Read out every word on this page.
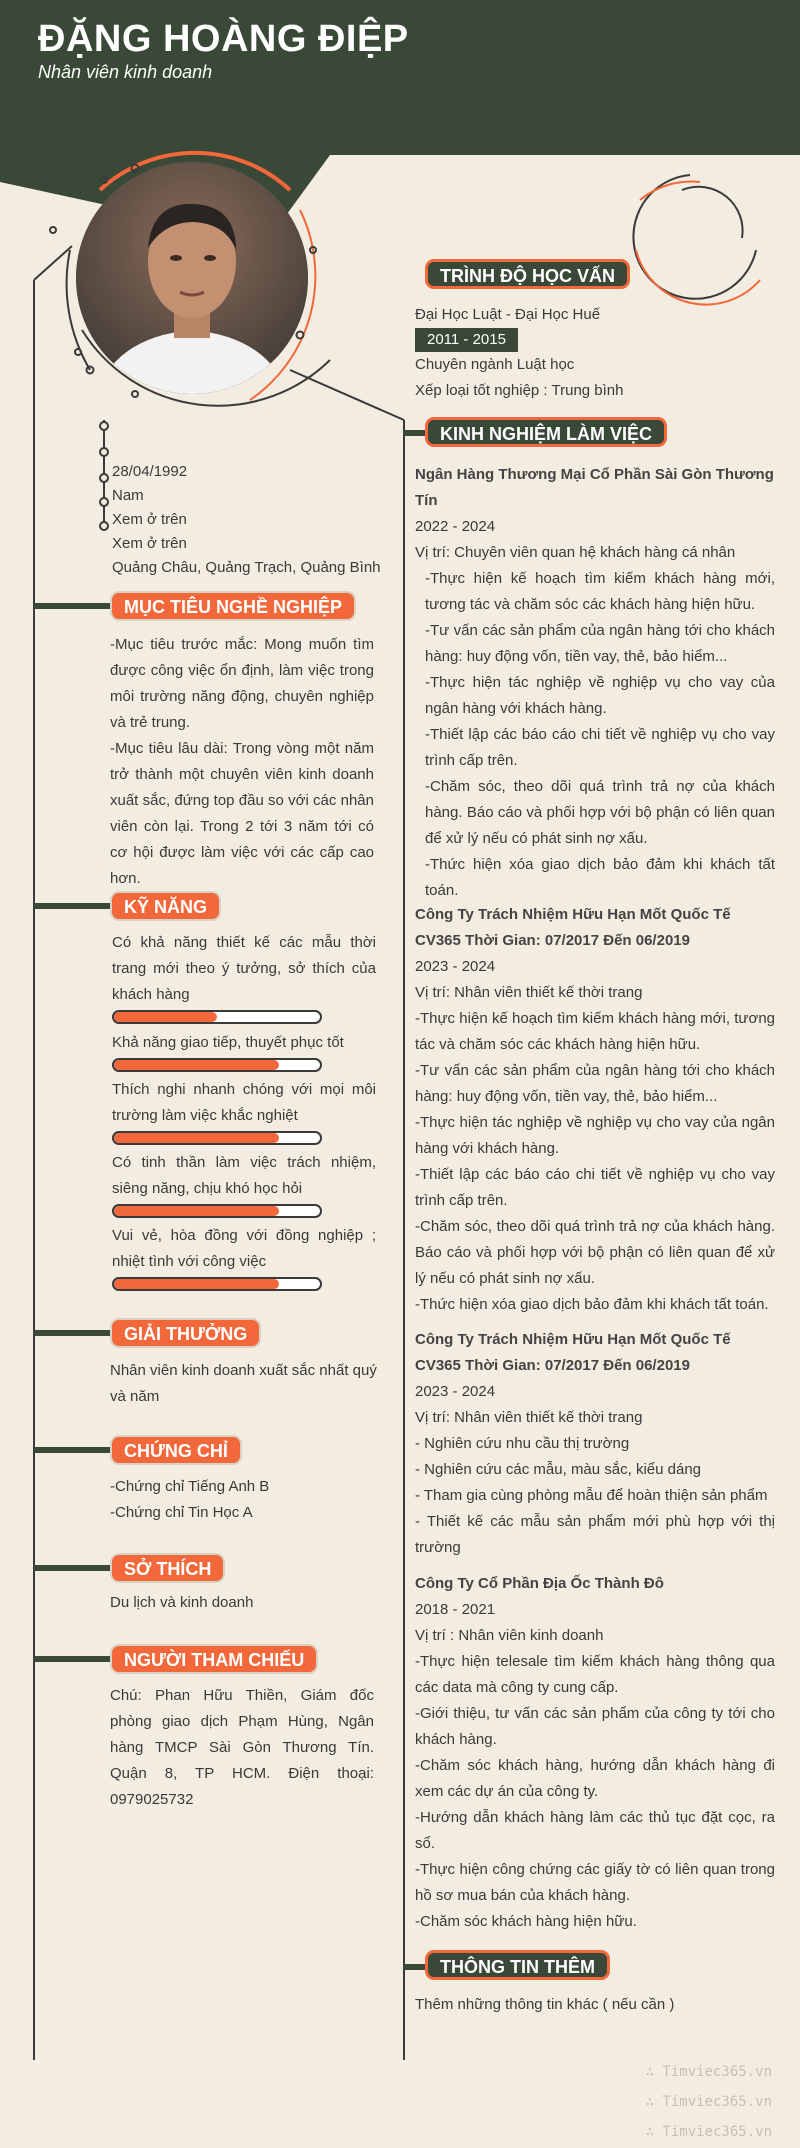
ĐẶNG HOÀNG ĐIỆP
Nhân viên kinh doanh
28/04/1992
Nam
Xem ở trên
Xem ở trên
Quảng Châu, Quảng Trạch, Quảng Bình
MỤC TIÊU NGHỀ NGHIỆP

-Mục tiêu trước mắc: Mong muốn tìm được công việc ổn định, làm việc trong môi trường năng động, chuyên nghiệp và trẻ trung.

-Mục tiêu lâu dài: Trong vòng một năm trở thành một chuyên viên kinh doanh xuất sắc, đứng top đầu so với các nhân viên còn lại. Trong 2 tới 3 năm tới có cơ hội được làm việc với các cấp cao hơn.

KỸ NĂNG
Có khả năng thiết kế các mẫu thời trang mới theo ý tưởng, sở thích của khách hàng
Khả năng giao tiếp, thuyết phục tốt
Thích nghi nhanh chóng với mọi môi trường làm việc khắc nghiệt
Có tinh thần làm việc trách nhiệm, siêng năng, chịu khó học hỏi
Vui vẻ, hòa đồng với đồng nghiệp ; nhiệt tình với công việc
GIẢI THƯỞNG
Nhân viên kinh doanh xuất sắc nhất quý và năm
CHỨNG CHỈ

-Chứng chỉ Tiếng Anh B

-Chứng chỉ Tin Học A

SỞ THÍCH
Du lịch và kinh doanh
NGƯỜI THAM CHIẾU
Chú: Phan Hữu Thiền, Giám đốc phòng giao dịch Phạm Hùng, Ngân hàng TMCP Sài Gòn Thương Tín. Quận 8, TP HCM. Điện thoại: 0979025732
TRÌNH ĐỘ HỌC VẤN
Đại Học Luật - Đại Học Huế
2011 - 2015
Chuyên ngành Luật học
Xếp loại tốt nghiệp : Trung bình
KINH NGHIỆM LÀM VIỆC
Ngân Hàng Thương Mại Cổ Phần Sài Gòn Thương Tín
2022 - 2024
Vị trí: Chuyên viên quan hệ khách hàng cá nhân

-Thực hiện kế hoạch tìm kiếm khách hàng mới, tương tác và chăm sóc các khách hàng hiện hữu.

-Tư vấn các sản phẩm của ngân hàng tới cho khách hàng: huy động vốn, tiền vay, thẻ, bảo hiểm...

-Thực hiện tác nghiệp về nghiệp vụ cho vay của ngân hàng với khách hàng.

-Thiết lập các báo cáo chi tiết về nghiệp vụ cho vay trình cấp trên.

-Chăm sóc, theo dõi quá trình trả nợ của khách hàng. Báo cáo và phối hợp với bộ phận có liên quan để xử lý nếu có phát sinh nợ xấu.

-Thức hiện xóa giao dịch bảo đảm khi khách tất toán.

Công Ty Trách Nhiệm Hữu Hạn Mốt Quốc Tế CV365 Thời Gian: 07/2017 Đến 06/2019
2023 - 2024
Vị trí: Nhân viên thiết kế thời trang

-Thực hiện kế hoạch tìm kiếm khách hàng mới, tương tác và chăm sóc các khách hàng hiện hữu.

-Tư vấn các sản phẩm của ngân hàng tới cho khách hàng: huy động vốn, tiền vay, thẻ, bảo hiểm...

-Thực hiện tác nghiệp về nghiệp vụ cho vay của ngân hàng với khách hàng.

-Thiết lập các báo cáo chi tiết về nghiệp vụ cho vay trình cấp trên.

-Chăm sóc, theo dõi quá trình trả nợ của khách hàng. Báo cáo và phối hợp với bộ phận có liên quan để xử lý nếu có phát sinh nợ xấu.

-Thức hiện xóa giao dịch bảo đảm khi khách tất toán.

Công Ty Trách Nhiệm Hữu Hạn Mốt Quốc Tế CV365 Thời Gian: 07/2017 Đến 06/2019
2023 - 2024
Vị trí: Nhân viên thiết kế thời trang

- Nghiên cứu nhu cầu thị trường

- Nghiên cứu các mẫu, màu sắc, kiểu dáng

- Tham gia cùng phòng mẫu để hoàn thiện sản phẩm

- Thiết kế các mẫu sản phẩm mới phù hợp với thị trường

Công Ty Cổ Phần Địa Ốc Thành Đô
2018 - 2021
Vị trí : Nhân viên kinh doanh

-Thực hiện telesale tìm kiếm khách hàng thông qua các data mà công ty cung cấp.

-Giới thiệu, tư vấn các sản phẩm của công ty tới cho khách hàng.

-Chăm sóc khách hàng, hướng dẫn khách hàng đi xem các dự án của công ty.

-Hướng dẫn khách hàng làm các thủ tục đặt cọc, ra sổ.

-Thực hiện công chứng các giấy tờ có liên quan trong hồ sơ mua bán của khách hàng.

-Chăm sóc khách hàng hiện hữu.

THÔNG TIN THÊM
Thêm những thông tin khác ( nếu cần )
∴ Timviec365.vn
∴ Timviec365.vn
∴ Timviec365.vn
